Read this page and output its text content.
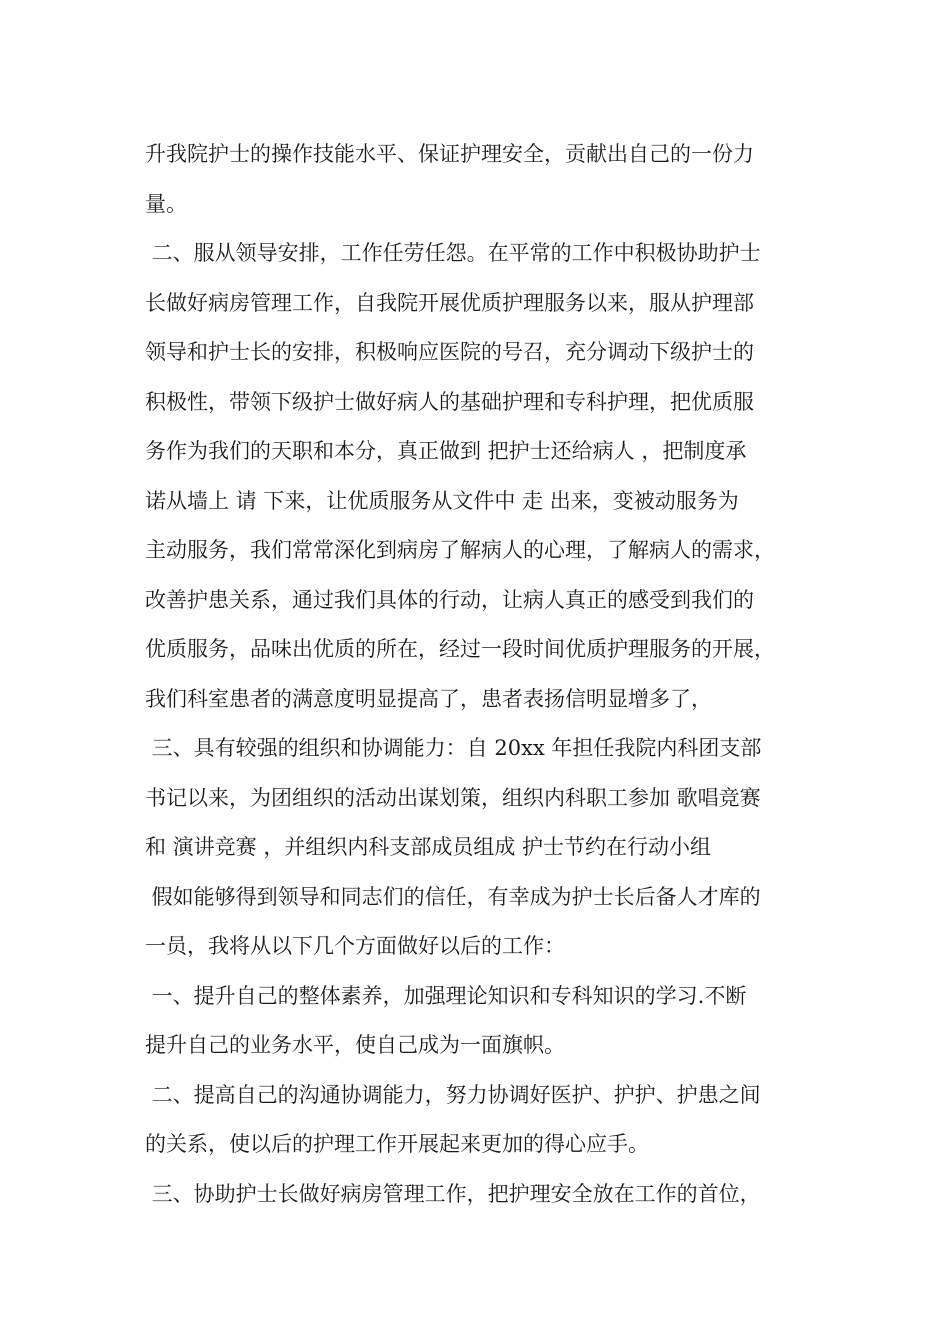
升我院护士的操作技能水平、保证护理安全，贡献出自己的一份力
量。
二、服从领导安排，工作任劳任怨。在平常的工作中积极协助护士
长做好病房管理工作，自我院开展优质护理服务以来，服从护理部
领导和护士长的安排，积极响应医院的号召，充分调动下级护士的
积极性，带领下级护士做好病人的基础护理和专科护理，把优质服
务作为我们的天职和本分，真正做到 把护士还给病人 ，把制度承
诺从墙上 请 下来，让优质服务从文件中 走 出来，变被动服务为
主动服务，我们常常深化到病房了解病人的心理，了解病人的需求，
改善护患关系，通过我们具体的行动，让病人真正的感受到我们的
优质服务，品味出优质的所在，经过一段时间优质护理服务的开展，
我们科室患者的满意度明显提高了，患者表扬信明显增多了，
三、具有较强的组织和协调能力：自 20xx 年担任我院内科团支部
书记以来，为团组织的活动出谋划策，组织内科职工参加 歌唱竞赛
和 演讲竞赛 ，并组织内科支部成员组成 护士节约在行动小组
假如能够得到领导和同志们的信任，有幸成为护士长后备人才库的
一员，我将从以下几个方面做好以后的工作：
一、提升自己的整体素养，加强理论知识和专科知识的学习.不断
提升自己的业务水平，使自己成为一面旗帜。
二、提高自己的沟通协调能力，努力协调好医护、护护、护患之间
的关系，使以后的护理工作开展起来更加的得心应手。
三、协助护士长做好病房管理工作，把护理安全放在工作的首位，
